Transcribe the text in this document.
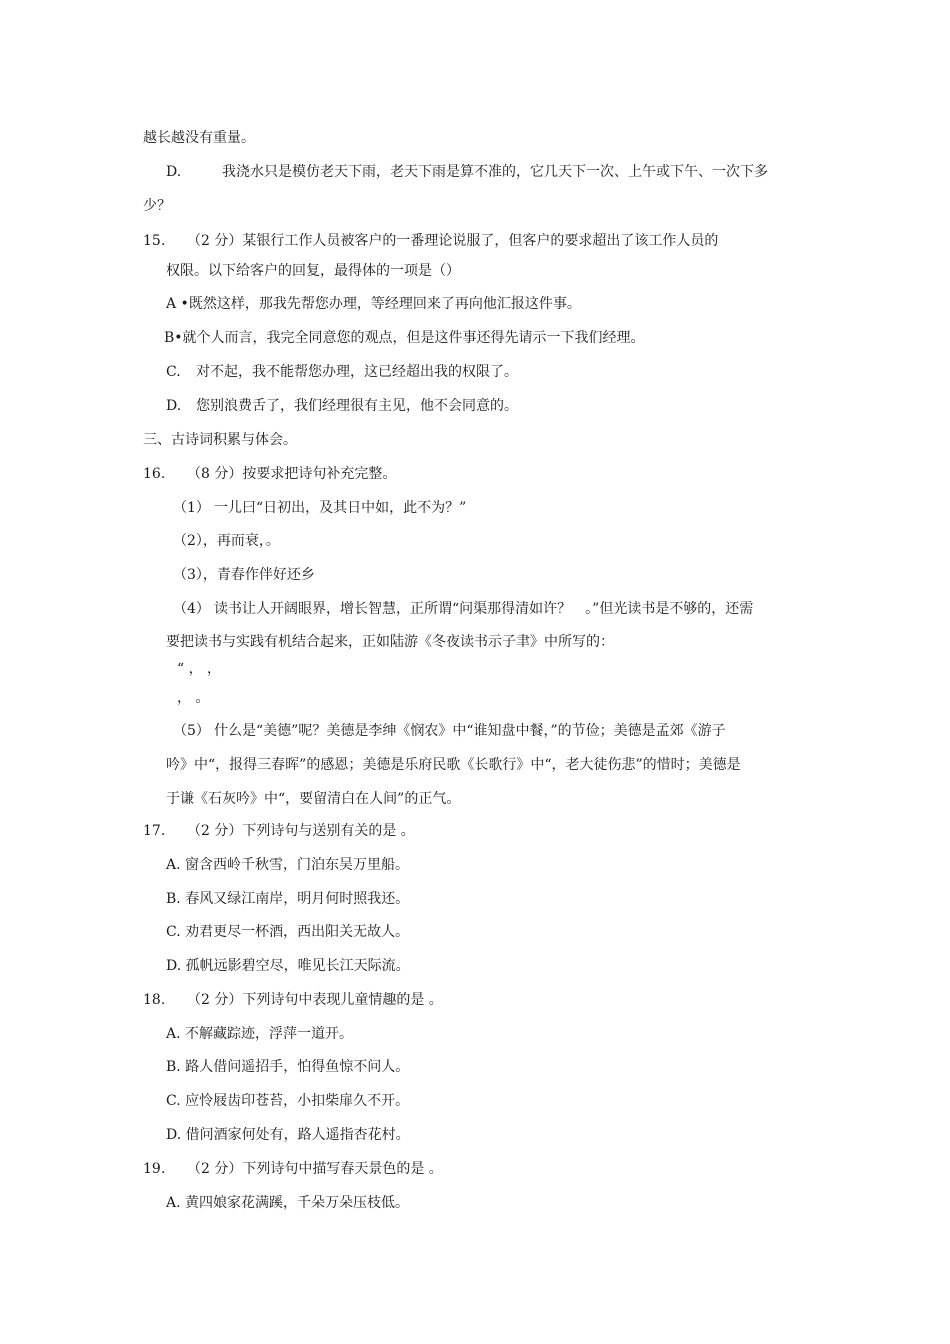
越长越没有重量。
D.	我浇水只是模仿老天下雨，老天下雨是算不准的，它几天下一次、上午或下午、一次下多
少？
15. （2 分）某银行工作人员被客户的一番理论说服了，但客户的要求超出了该工作人员的
权限。以下给客户的回复，最得体的一项是（）
A •既然这样，那我先帮您办理，等经理回来了再向他汇报这件事。
B•就个人而言，我完全同意您的观点，但是这件事还得先请示一下我们经理。
C. 对不起，我不能帮您办理，这已经超出我的权限了。
D. 您别浪费舌了，我们经理很有主见，他不会同意的。
三、古诗词积累与体会。
16. （8 分）按要求把诗句补充完整。
（1） 一儿曰“日初出，及其日中如，此不为？”
（2），再而衰，。
（3），青春作伴好还乡
（4） 读书让人开阔眼界，增长智慧，正所谓“问渠那得清如许？　。”但光读书是不够的，还需
要把读书与实践有机结合起来，正如陆游《冬夜读书示子聿》中所写的：
“ ， ，
， 。
（5） 什么是“美德”呢？美德是李绅《悯农》中“谁知盘中餐，”的节俭；美德是孟郊《游子
吟》中“，报得三春晖”的感恩；美德是乐府民歌《长歌行》中“，老大徒伤悲”的惜时；美德是
于谦《石灰吟》中“，要留清白在人间”的正气。
17. （2 分）下列诗句与送别有关的是 。
A. 窗含西岭千秋雪，门泊东吴万里船。
B. 春风又绿江南岸，明月何时照我还。
C. 劝君更尽一杯酒，西出阳关无故人。
D. 孤帆远影碧空尽，唯见长江天际流。
18. （2 分）下列诗句中表现儿童情趣的是 。
A. 不解藏踪迹，浮萍一道开。
B. 路人借问遥招手，怕得鱼惊不问人。
C. 应怜屐齿印苍苔，小扣柴扉久不开。
D. 借问酒家何处有，路人遥指杏花村。
19. （2 分）下列诗句中描写春天景色的是 。
A. 黄四娘家花满蹊，千朵万朵压枝低。
